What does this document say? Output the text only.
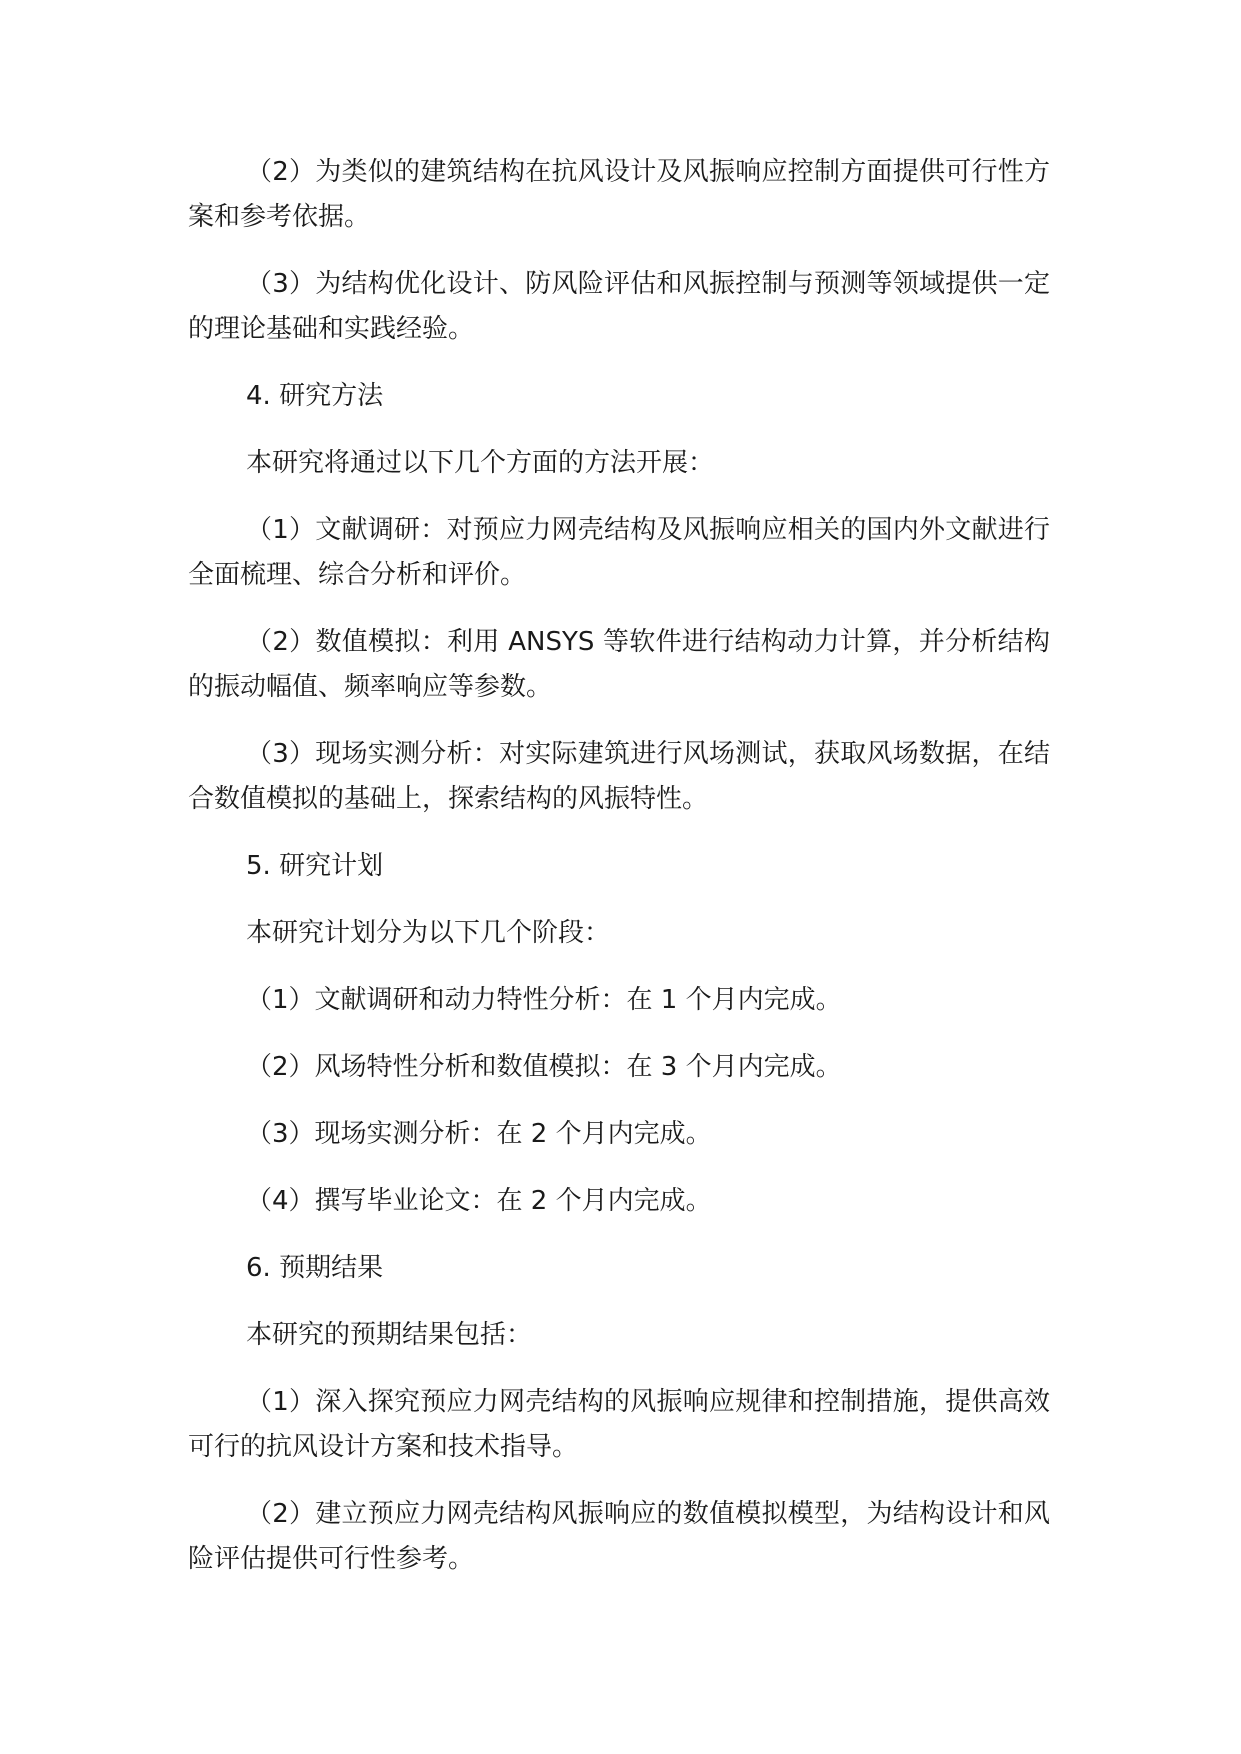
（2）为类似的建筑结构在抗风设计及风振响应控制方面提供可行性方案和参考依据。

（3）为结构优化设计、防风险评估和风振控制与预测等领域提供一定的理论基础和实践经验。

4. 研究方法

本研究将通过以下几个方面的方法开展：

（1）文献调研：对预应力网壳结构及风振响应相关的国内外文献进行全面梳理、综合分析和评价。

（2）数值模拟：利用 ANSYS 等软件进行结构动力计算，并分析结构的振动幅值、频率响应等参数。

（3）现场实测分析：对实际建筑进行风场测试，获取风场数据，在结合数值模拟的基础上，探索结构的风振特性。

5. 研究计划

本研究计划分为以下几个阶段：

（1）文献调研和动力特性分析：在 1 个月内完成。

（2）风场特性分析和数值模拟：在 3 个月内完成。

（3）现场实测分析：在 2 个月内完成。

（4）撰写毕业论文：在 2 个月内完成。

6. 预期结果

本研究的预期结果包括：

（1）深入探究预应力网壳结构的风振响应规律和控制措施，提供高效可行的抗风设计方案和技术指导。

（2）建立预应力网壳结构风振响应的数值模拟模型，为结构设计和风险评估提供可行性参考。
